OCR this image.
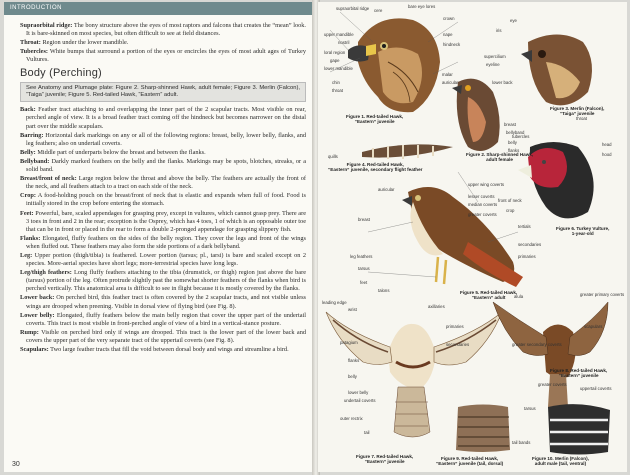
INTRODUCTION

Supraorbital ridge: The bony structure above the eyes of most raptors and falcons that creates the “mean” look. It is bare-skinned on most species, but often difficult to see at field distances.

Throat: Region under the lower mandible.

Tubercles: White bumps that surround a portion of the eyes or encircles the eyes of most adult ages of Turkey Vultures.

Body (Perching)
See Anatomy and Plumage plate: Figure 2. Sharp-shinned Hawk, adult female; Figure 3. Merlin (Falcon), “Taiga” juvenile; Figure 5. Red-tailed Hawk, “Eastern” adult.

Back: Feather tract attaching to and overlapping the inner part of the 2 scapular tracts. Most visible on rear, perched angle of view. It is a broad feather tract coming off the hindneck but becomes narrower on the distal part over the middle scapulars.

Barring: Horizontal dark markings on any or all of the following regions: breast, belly, lower belly, flanks, and leg feathers; also on undertail coverts.

Belly: Middle part of underparts below the breast and between the flanks.

Bellyband: Darkly marked feathers on the belly and the flanks. Markings may be spots, blotches, streaks, or a solid band.

Breast/front of neck: Large region below the throat and above the belly. The feathers are actually the front of the neck, and all feathers attach to a tract on each side of the neck.

Crop: A food-holding pouch on the breast/front of neck that is elastic and expands when full of food. Food is initially stored in the crop before entering the stomach.

Feet: Powerful, bare, scaled appendages for grasping prey, except in vultures, which cannot grasp prey. There are 3 toes in front and 2 in the rear; exception is the Osprey, which has 4 toes, 1 of which is an opposable outer toe that can be in front or placed in the rear to form a double 2-pronged appendage for grasping slippery fish.

Flanks: Elongated, fluffy feathers on the sides of the belly region. They cover the legs and front of the wings when fluffed out. These feathers may also form the side portions of a dark bellyband.

Leg: Upper portion (thigh/tibia) is feathered. Lower portion (tarsus; pl., tarsi) is bare and scaled except on 2 species. More-aerial species have short legs; more-terrestrial species have long legs.

Leg/thigh feathers: Long fluffy feathers attaching to the tibia (drumstick, or thigh) region just above the bare (tarsus) portion of the leg. Often protrude slightly past the somewhat shorter feathers of the flanks when bird is perched vertically. This anatomical area is difficult to see in flight because it is mostly covered by the flanks.

Lower back: On perched bird, this feather tract is often covered by the 2 scapular tracts, and not visible unless wings are drooped when preening. Visible in dorsal view of flying bird (see Fig. 8).

Lower belly: Elongated, fluffy feathers below the main belly region that cover the upper part of the undertail coverts. This tract is most visible in front-perched angle of view of a bird in a vertical-stance posture.

Rump: Visible on perched bird only if wings are drooped. This tract is the lower part of the lower back and covers the upper part of the very separate tract of the uppertail coverts (see Fig. 8).

Scapulars: Two large feather tracts that fill the void between dorsal body and wings and streamline a bird.

30
supraorbital ridge
upper mandible
nostril
cere
lower mandible
bare eye lores
loral region
gape
chin
throat
malar
auricular
crown
nape
hindneck
supercilium
eyeline
iris
eye
lower back
throat
breast
bellyband
belly
flanks
tubercles
head
hood
front of neck
crop
quills
auricular
upper wing coverts
breast
median coverts
lesser coverts
greater coverts
greater coverts
secondaries
primaries
tertials
leg feathers
tarsus
feet
talons
leading edge
wrist
axillaries
patagium
flanks
belly
lower belly
undertail coverts
tail
outer rectrix
alula	greater primary coverts
greater secondary coverts
primaries
secondaries
tarsus
scapulars
uppertail coverts
tail bands
Figure 1. Red-tailed Hawk,
“Eastern” juvenile
Figure 2. Sharp-shinned Hawk,
adult female
Figure 3. Merlin (Falcon),
“Taiga” juvenile
Figure 4. Red-tailed Hawk,
“Eastern” juvenile, secondary flight feather
Figure 5. Red-tailed Hawk,
“Eastern” adult
Figure 6. Turkey Vulture,
1-year-old
Figure 7. Red-tailed Hawk,
“Eastern” juvenile
Figure 8. Red-tailed Hawk,
“Eastern” juvenile
Figure 9. Red-tailed Hawk,
“Eastern” juvenile (tail, dorsal)
Figure 10. Merlin (Falcon),
adult male (tail, ventral)
